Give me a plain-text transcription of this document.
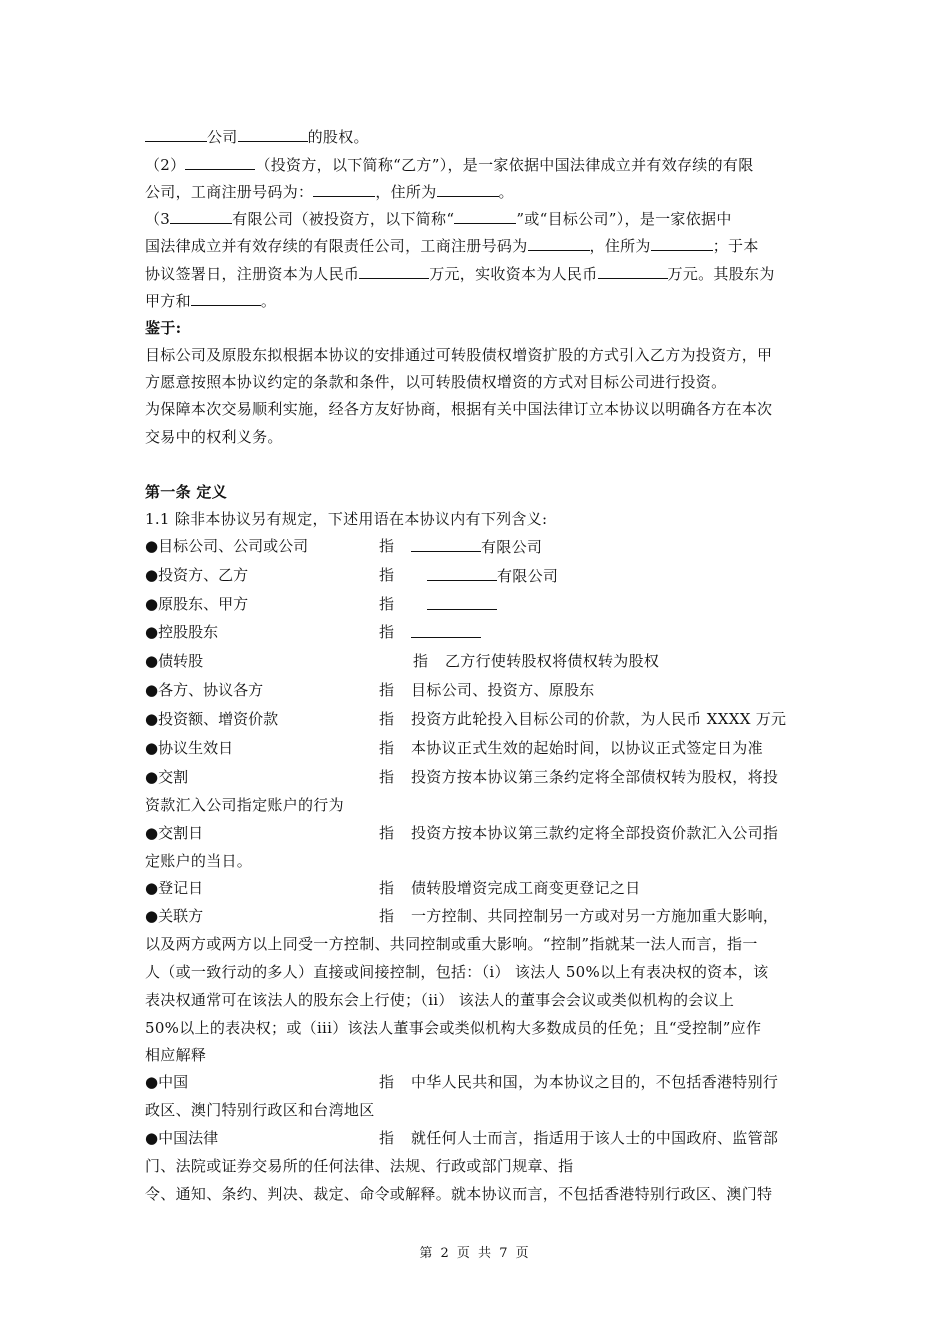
公司	的股权。
（2）	（投资方，以下简称“乙方”），是一家依据中国法律成立并有效存续的有限
公司，工商注册号码为：	，住所为	。
（3	有限公司（被投资方，以下简称“	”或“目标公司”），是一家依据中
国法律成立并有效存续的有限责任公司，工商注册号码为	，住所为	；于本
协议签署日，注册资本为人民币	万元，实收资本为人民币	万元。其股东为
甲方和	。
鉴于:
目标公司及原股东拟根据本协议的安排通过可转股债权增资扩股的方式引入乙方为投资方，甲
方愿意按照本协议约定的条款和条件，以可转股债权增资的方式对目标公司进行投资。
为保障本次交易顺利实施，经各方友好协商，根据有关中国法律订立本协议以明确各方在本次
交易中的权利义务。
第一条 定义
1.1 除非本协议另有规定，下述用语在本协议内有下列含义:
●目标公司、公司或公司	指	有限公司
●投资方、乙方	指	有限公司
●原股东、甲方	指
●控股股东	指
●债转股	指 乙方行使转股权将债权转为股权
●各方、协议各方	指 目标公司、投资方、原股东
●投资额、增资价款	指 投资方此轮投入目标公司的价款，为人民币 XXXX 万元
●协议生效日	指 本协议正式生效的起始时间，以协议正式签定日为准
●交割	指 投资方按本协议第三条约定将全部债权转为股权，将投
资款汇入公司指定账户的行为
●交割日	指 投资方按本协议第三款约定将全部投资价款汇入公司指
定账户的当日。
●登记日	指 债转股增资完成工商变更登记之日
●关联方	指 一方控制、共同控制另一方或对另一方施加重大影响，
以及两方或两方以上同受一方控制、共同控制或重大影响。“控制”指就某一法人而言，指一
人（或一致行动的多人）直接或间接控制，包括：（i） 该法人 50%以上有表决权的资本，该
表决权通常可在该法人的股东会上行使；（ii） 该法人的董事会会议或类似机构的会议上
50%以上的表决权；或（iii）该法人董事会或类似机构大多数成员的任免；且“受控制”应作
相应解释
●中国	指 中华人民共和国，为本协议之目的，不包括香港特别行
政区、澳门特别行政区和台湾地区
●中国法律	指 就任何人士而言，指适用于该人士的中国政府、监管部
门、法院或证券交易所的任何法律、法规、行政或部门规章、指
令、通知、条约、判决、裁定、命令或解释。就本协议而言，不包括香港特别行政区、澳门特
第 2 页 共 7 页
